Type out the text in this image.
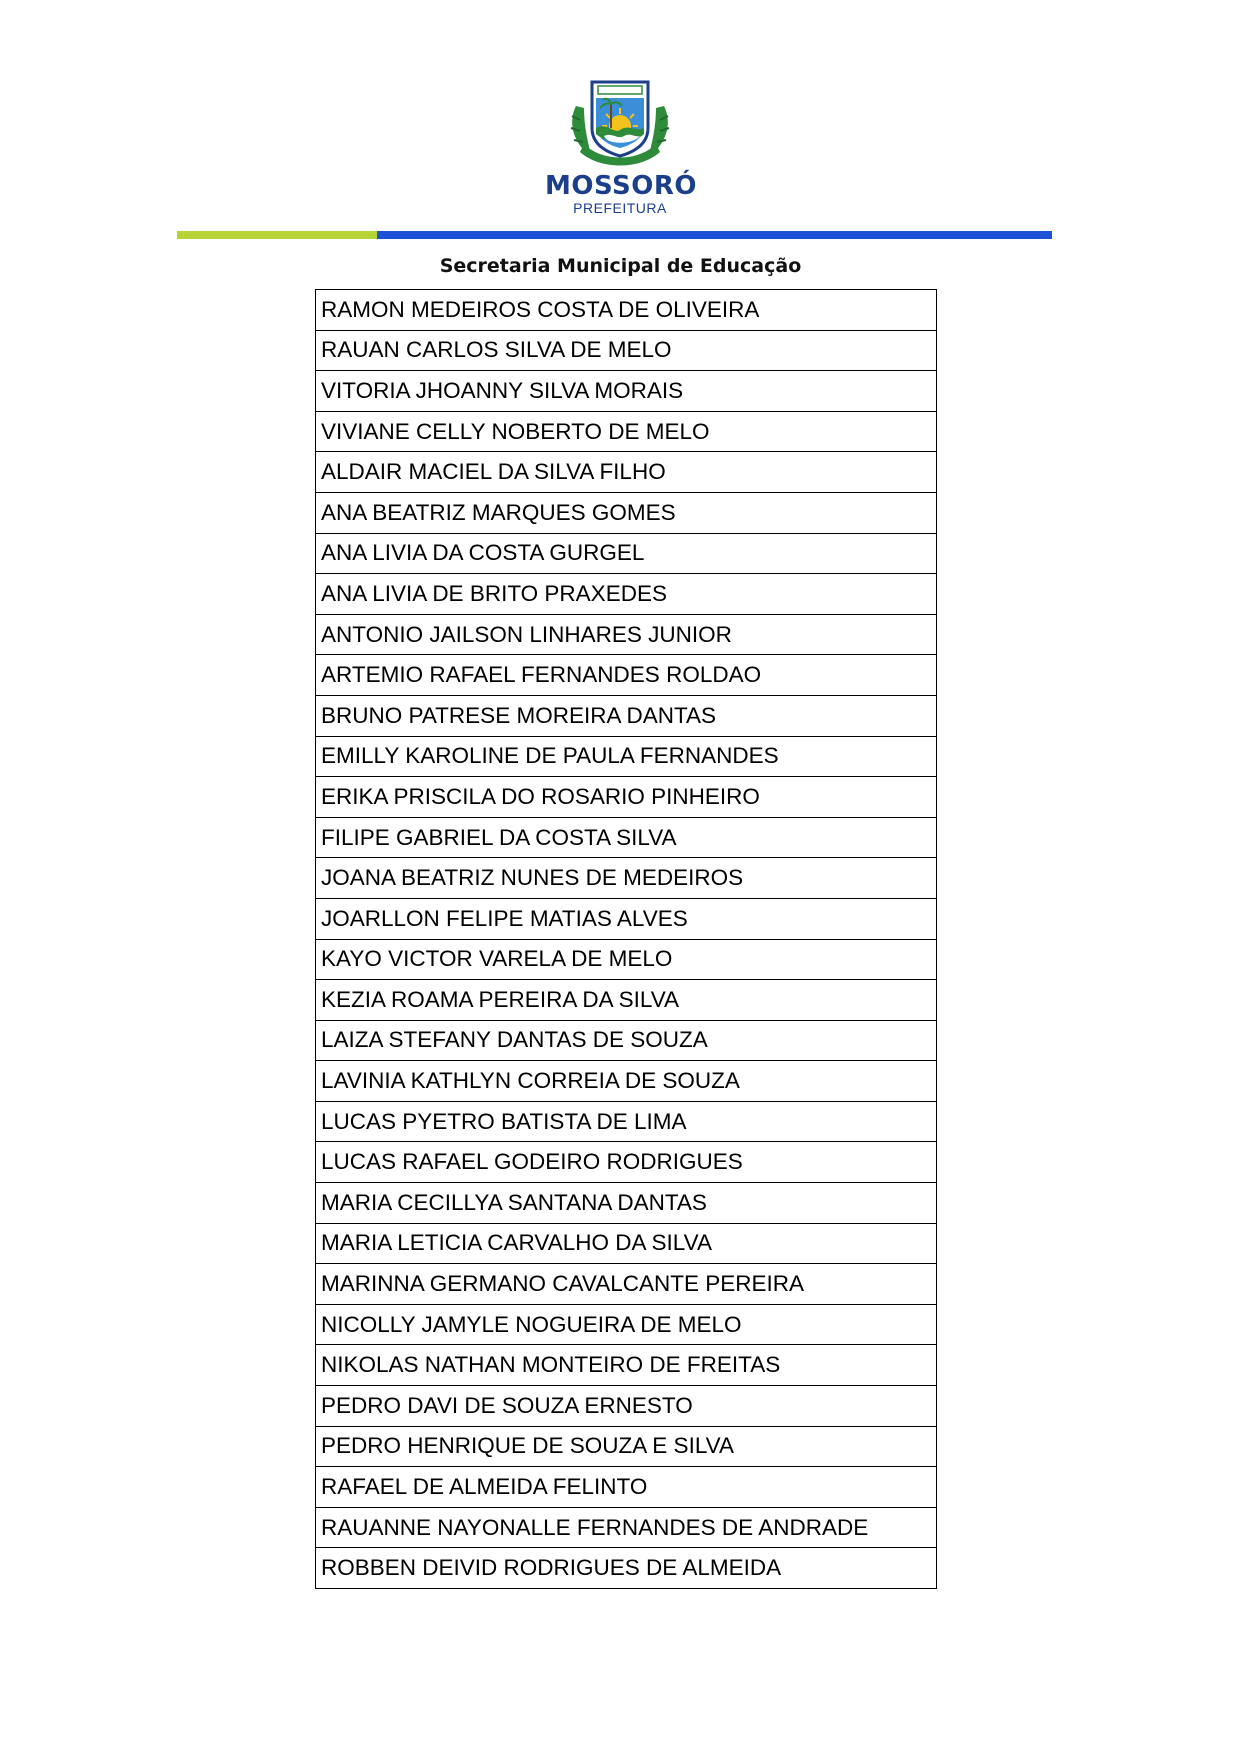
MOSSORÓ
PREFEITURA
Secretaria Municipal de Educação
RAMON MEDEIROS COSTA DE OLIVEIRA
RAUAN CARLOS SILVA DE MELO
VITORIA JHOANNY SILVA MORAIS
VIVIANE CELLY NOBERTO DE MELO
ALDAIR MACIEL DA SILVA FILHO
ANA BEATRIZ MARQUES GOMES
ANA LIVIA DA COSTA GURGEL
ANA LIVIA DE BRITO PRAXEDES
ANTONIO JAILSON LINHARES JUNIOR
ARTEMIO RAFAEL FERNANDES ROLDAO
BRUNO PATRESE MOREIRA DANTAS
EMILLY KAROLINE DE PAULA FERNANDES
ERIKA PRISCILA DO ROSARIO PINHEIRO
FILIPE GABRIEL DA COSTA SILVA
JOANA BEATRIZ NUNES DE MEDEIROS
JOARLLON FELIPE MATIAS ALVES
KAYO VICTOR VARELA DE MELO
KEZIA ROAMA PEREIRA DA SILVA
LAIZA STEFANY DANTAS DE SOUZA
LAVINIA KATHLYN CORREIA DE SOUZA
LUCAS PYETRO BATISTA DE LIMA
LUCAS RAFAEL GODEIRO RODRIGUES
MARIA CECILLYA SANTANA DANTAS
MARIA LETICIA CARVALHO DA SILVA
MARINNA GERMANO CAVALCANTE PEREIRA
NICOLLY JAMYLE NOGUEIRA DE MELO
NIKOLAS NATHAN MONTEIRO DE FREITAS
PEDRO DAVI DE SOUZA ERNESTO
PEDRO HENRIQUE DE SOUZA E SILVA
RAFAEL DE ALMEIDA FELINTO
RAUANNE NAYONALLE FERNANDES DE ANDRADE
ROBBEN DEIVID RODRIGUES DE ALMEIDA
